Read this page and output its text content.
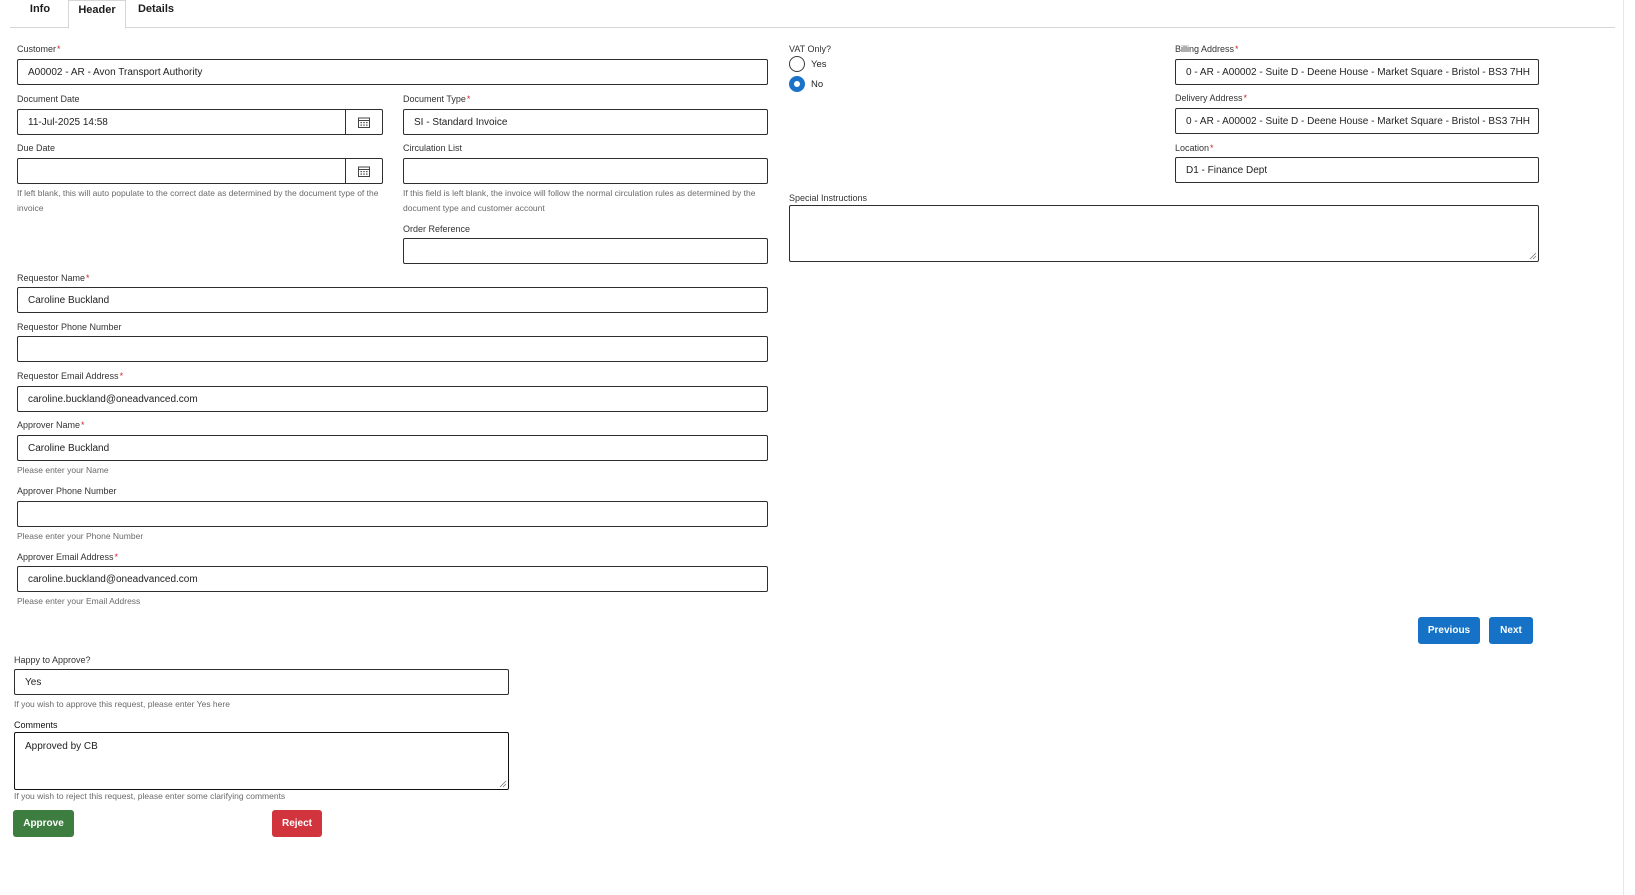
Info	Header	Details
Customer*
A00002 - AR - Avon Transport Authority
VAT Only?
Yes
No
Billing Address*
0 - AR - A00002 - Suite D - Deene House - Market Square - Bristol - BS3 7HH
Document Date
11-Jul-2025 14:58
Document Type*
SI - Standard Invoice
Delivery Address*
0 - AR - A00002 - Suite D - Deene House - Market Square - Bristol - BS3 7HH
Due Date
If left blank, this will auto populate to the correct date as determined by the document type of the invoice
Circulation List
If this field is left blank, the invoice will follow the normal circulation rules as determined by the document type and customer account
Location*
D1 - Finance Dept
Special Instructions
Order Reference
Requestor Name*
Caroline Buckland
Requestor Phone Number
Requestor Email Address*
caroline.buckland@oneadvanced.com
Approver Name*
Caroline Buckland
Please enter your Name
Approver Phone Number
Please enter your Phone Number
Approver Email Address*
caroline.buckland@oneadvanced.com
Please enter your Email Address
Previous	Next
Happy to Approve?
Yes
If you wish to approve this request, please enter Yes here
Comments
Approved by CB
If you wish to reject this request, please enter some clarifying comments
Approve	Reject
